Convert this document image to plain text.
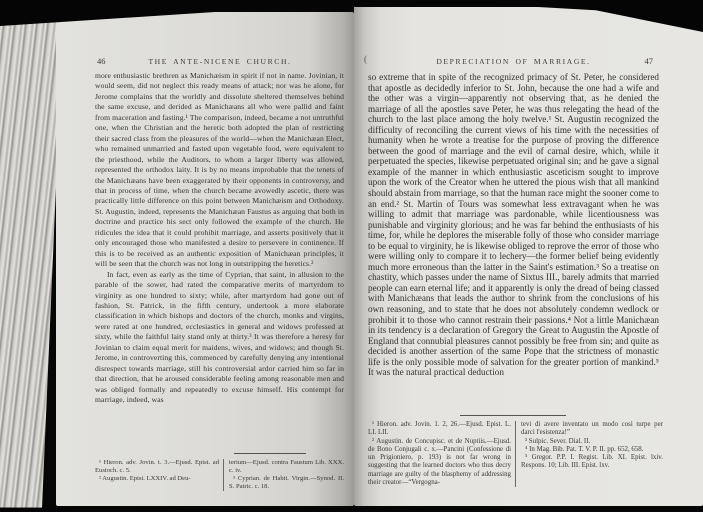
46	THE ANTE-NICENE CHURCH.

more enthusiastic brethren as Manichæism in spirit if not in name. Jovinian, it would seem, did not neglect this ready means of attack; nor was he alone, for Jerome complains that the worldly and dissolute sheltered themselves behind the same excuse, and derided as Manichæans all who were pallid and faint from maceration and fasting.¹ The comparison, indeed, became a not untruthful one, when the Christian and the heretic both adopted the plan of restricting their sacred class from the pleasures of the world—when the Manichæan Elect, who remained unmarried and fasted upon vegetable food, were equivalent to the priesthood, while the Auditors, to whom a larger liberty was allowed, represented the orthodox laity. It is by no means improbable that the tenets of the Manichæans have been exaggerated by their opponents in controversy, and that in process of time, when the church became avowedly ascetic, there was practically little difference on this point between Manichæism and Orthodoxy. St. Augustin, indeed, represents the Manichæan Faustus as arguing that both in doctrine and practice his sect only followed the example of the church. He ridicules the idea that it could prohibit marriage, and asserts positively that it only encouraged those who manifested a desire to persevere in continence. If this is to be received as an authentic exposition of Manichæan principles, it will be seen that the church was not long in outstripping the heretics.²

In fact, even as early as the time of Cyprian, that saint, in allusion to the parable of the sower, had rated the comparative merits of martyrdom to virginity as one hundred to sixty; while, after martyrdom had gone out of fashion, St. Patrick, in the fifth century, undertook a more elaborate classification in which bishops and doctors of the church, monks and virgins, were rated at one hundred, ecclesiastics in general and widows professed at sixty, while the faithful laity stand only at thirty.³ It was therefore a heresy for Jovinian to claim equal merit for maidens, wives, and widows; and though St. Jerome, in controverting this, commenced by carefully denying any intentional disrespect towards marriage, still his controversial ardor carried him so far in that direction, that he aroused considerable feeling among reasonable men and was obliged formally and repeatedly to excuse himself. His contempt for marriage, indeed, was

¹ Hieron. adv. Jovin. t. 3.—Ejusd. Epist. ad Eustoch. c. 5.

² Augustin. Epist. LXXIV. ad Deu-

terium—Ejusd. contra Faustum Lib. XXX. c. iv.

³ Cyprian. de Habit. Virgin.—Synod. II. S. Patric. c. 18.

(	DEPRECIATION OF MARRIAGE.	47

so extreme that in spite of the recognized primacy of St. Peter, he considered that apostle as decidedly inferior to St. John, because the one had a wife and the other was a virgin—apparently not observing that, as he denied the marriage of all the apostles save Peter, he was thus relegating the head of the church to the last place among the holy twelve.¹ St. Augustin recognized the difficulty of reconciling the current views of his time with the necessities of humanity when he wrote a treatise for the purpose of proving the difference between the good of marriage and the evil of carnal desire, which, while it perpetuated the species, likewise perpetuated original sin; and he gave a signal example of the manner in which enthusiastic asceticism sought to improve upon the work of the Creator when he uttered the pious wish that all mankind should abstain from marriage, so that the human race might the sooner come to an end.² St. Martin of Tours was somewhat less extravagant when he was willing to admit that marriage was pardonable, while licentiousness was punishable and virginity glorious; and he was far behind the enthusiasts of his time, for, while he deplores the miserable folly of those who consider marriage to be equal to virginity, he is likewise obliged to reprove the error of those who were willing only to compare it to lechery—the former belief being evidently much more erroneous than the latter in the Saint's estimation.³ So a treatise on chastity, which passes under the name of Sixtus III., barely admits that married people can earn eternal life; and it apparently is only the dread of being classed with Manichæans that leads the author to shrink from the conclusions of his own reasoning, and to state that he does not absolutely condemn wedlock or prohibit it to those who cannot restrain their passions.⁴ Not a little Manichæan in its tendency is a declaration of Gregory the Great to Augustin the Apostle of England that connubial pleasures cannot possibly be free from sin; and quite as decided is another assertion of the same Pope that the strictness of monastic life is the only possible mode of salvation for the greater portion of mankind.⁵ It was the natural practical deduction

¹ Hieron. adv. Jovin. 1. 2, 26.—Ejusd. Epist. L. LI. LII.

² Augustin. de Concupisc. et de Nuptiis.—Ejusd. de Bono Conjugali c. x.—Pancini (Confessione di un Prigioniero, p. 193) is not far wrong in suggesting that the learned doctors who thus decry marriage are guilty of the blasphemy of addressing their creator—“Vergogna-

tevi di avere inventato un modo così turpe per darci l'esistenza!”

³ Sulpic. Sever. Dial. II.

⁴ In Mag. Bib. Pat. T. V. P. II. pp. 652, 658.

⁵ Gregor. P.P. I. Regist. Lib. XI. Epist. lxiv. Respons. 10; Lib. III. Epist. lxv.
